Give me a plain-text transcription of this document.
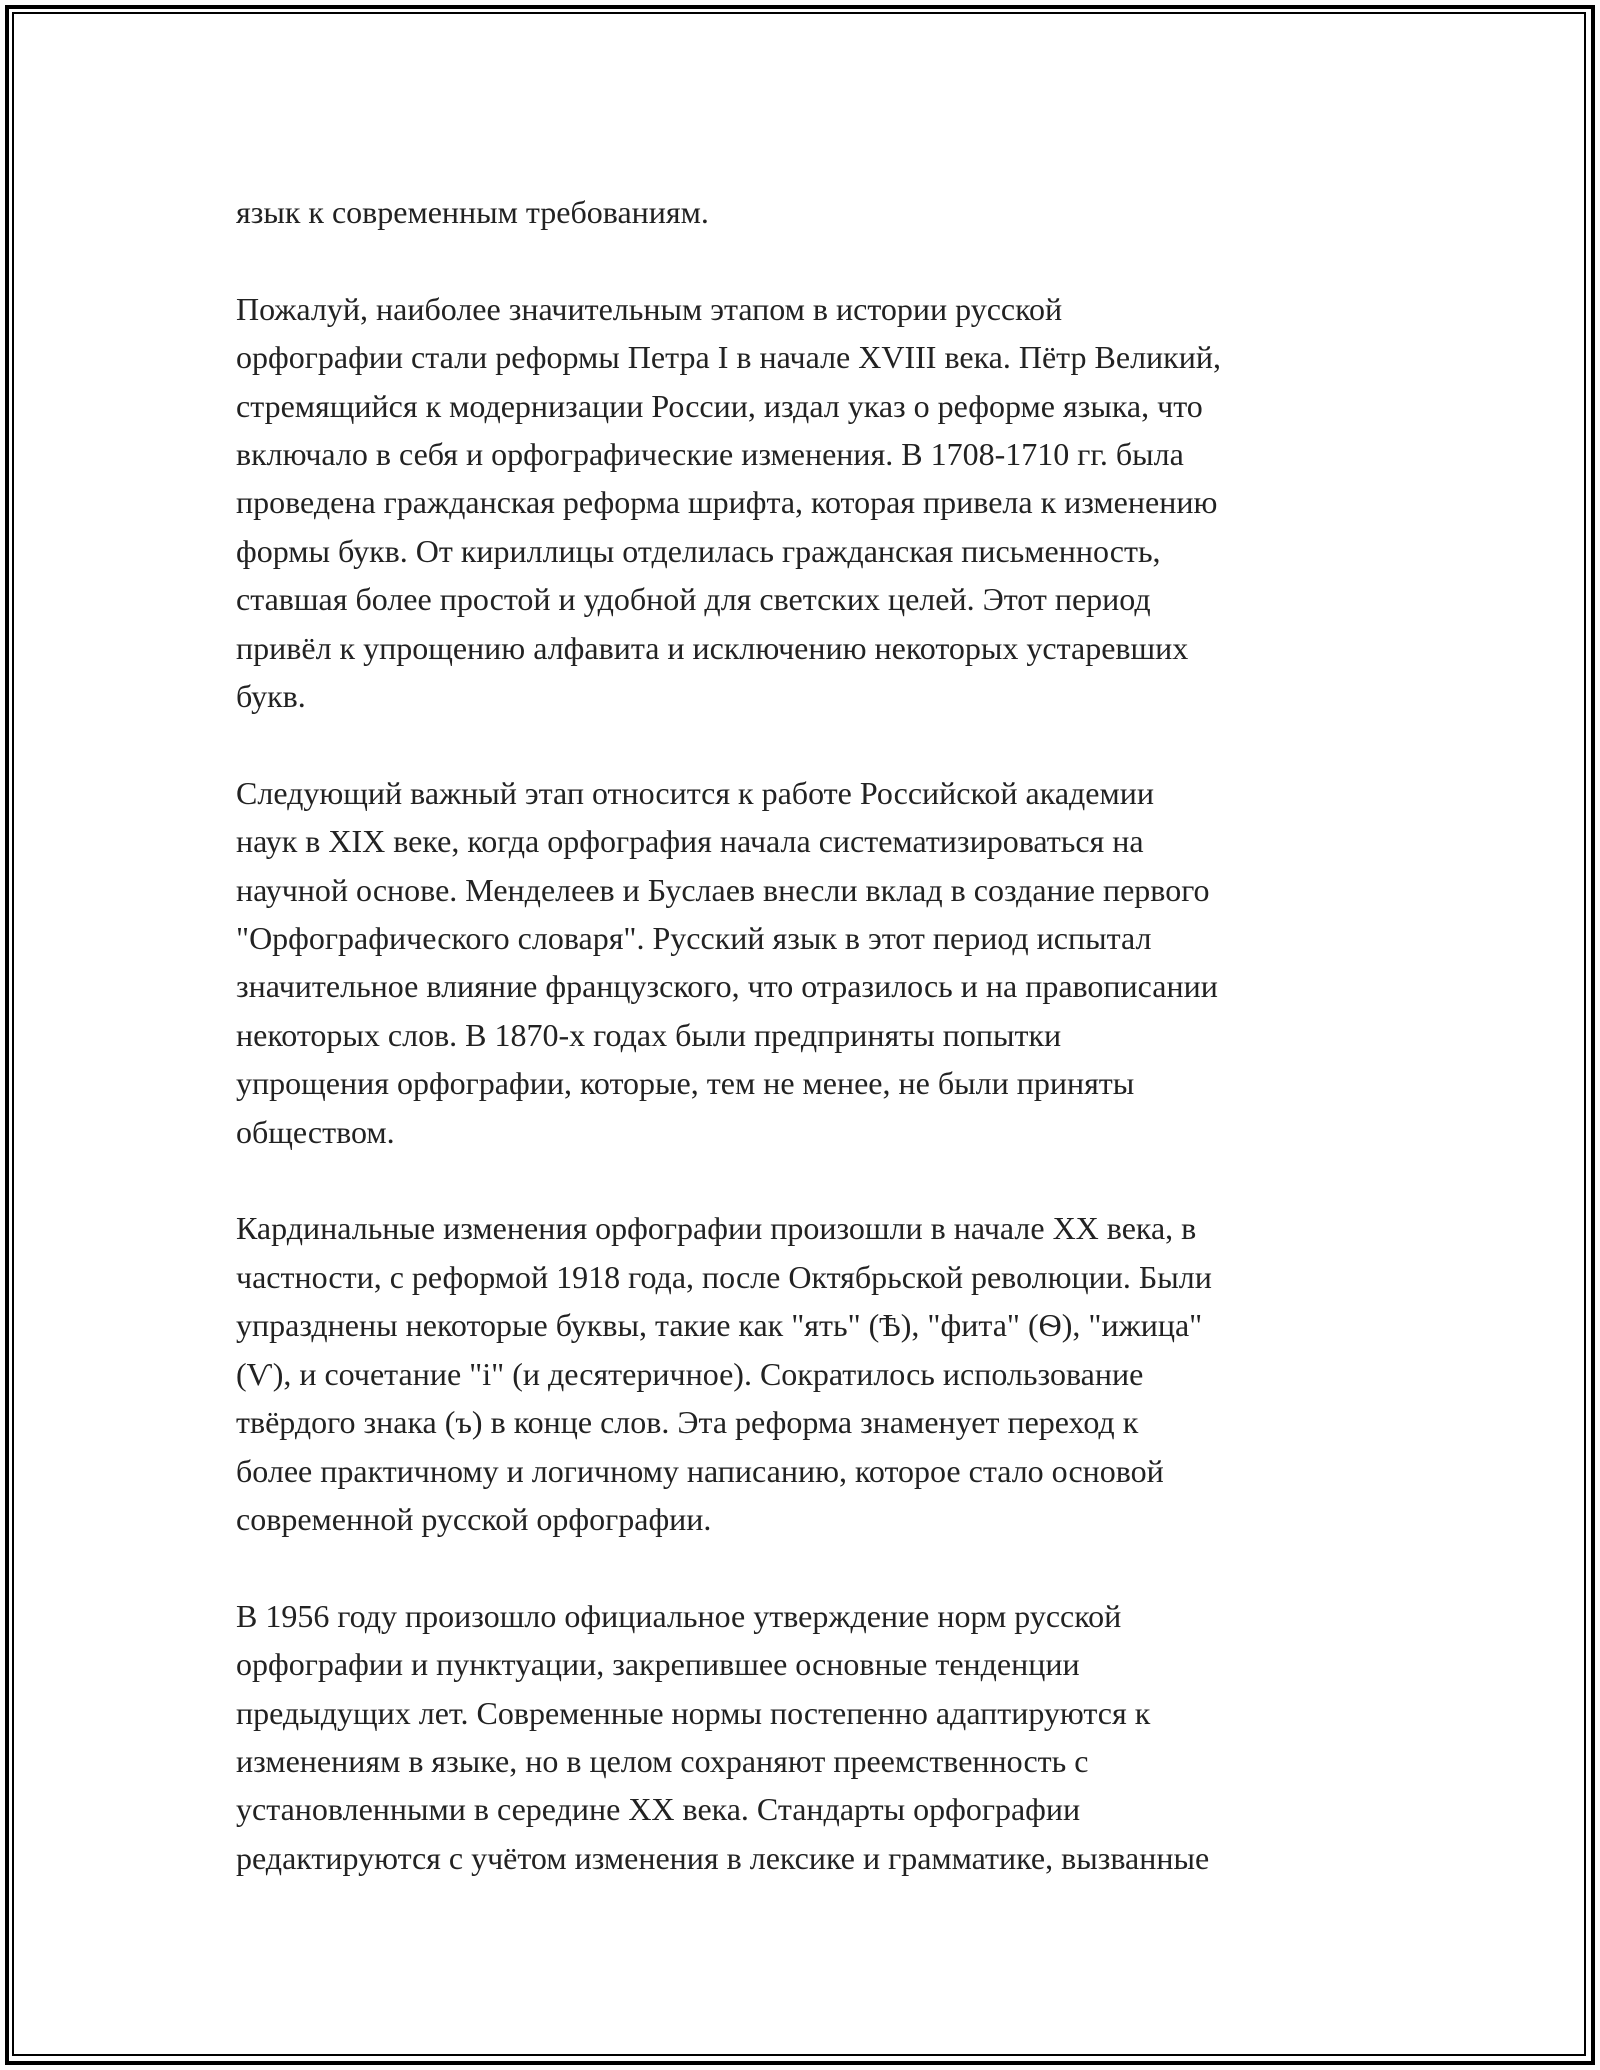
язык к современным требованиям.

Пожалуй, наиболее значительным этапом в истории русской
орфографии стали реформы Петра I в начале XVIII века. Пётр Великий,
стремящийся к модернизации России, издал указ о реформе языка, что
включало в себя и орфографические изменения. В 1708-1710 гг. была
проведена гражданская реформа шрифта, которая привела к изменению
формы букв. От кириллицы отделилась гражданская письменность,
ставшая более простой и удобной для светских целей. Этот период
привёл к упрощению алфавита и исключению некоторых устаревших
букв.

Следующий важный этап относится к работе Российской академии
наук в XIX веке, когда орфография начала систематизироваться на
научной основе. Менделеев и Буслаев внесли вклад в создание первого
"Орфографического словаря". Русский язык в этот период испытал
значительное влияние французского, что отразилось и на правописании
некоторых слов. В 1870-х годах были предприняты попытки
упрощения орфографии, которые, тем не менее, не были приняты
обществом.

Кардинальные изменения орфографии произошли в начале XX века, в
частности, с реформой 1918 года, после Октябрьской революции. Были
упразднены некоторые буквы, такие как "ять" (Ѣ), "фита" (Ѳ), "ижица"
(Ѵ), и сочетание "і" (и десятеричное). Сократилось использование
твёрдого знака (ъ) в конце слов. Эта реформа знаменует переход к
более практичному и логичному написанию, которое стало основой
современной русской орфографии.

В 1956 году произошло официальное утверждение норм русской
орфографии и пунктуации, закрепившее основные тенденции
предыдущих лет. Современные нормы постепенно адаптируются к
изменениям в языке, но в целом сохраняют преемственность с
установленными в середине XX века. Стандарты орфографии
редактируются с учётом изменения в лексике и грамматике, вызванные
